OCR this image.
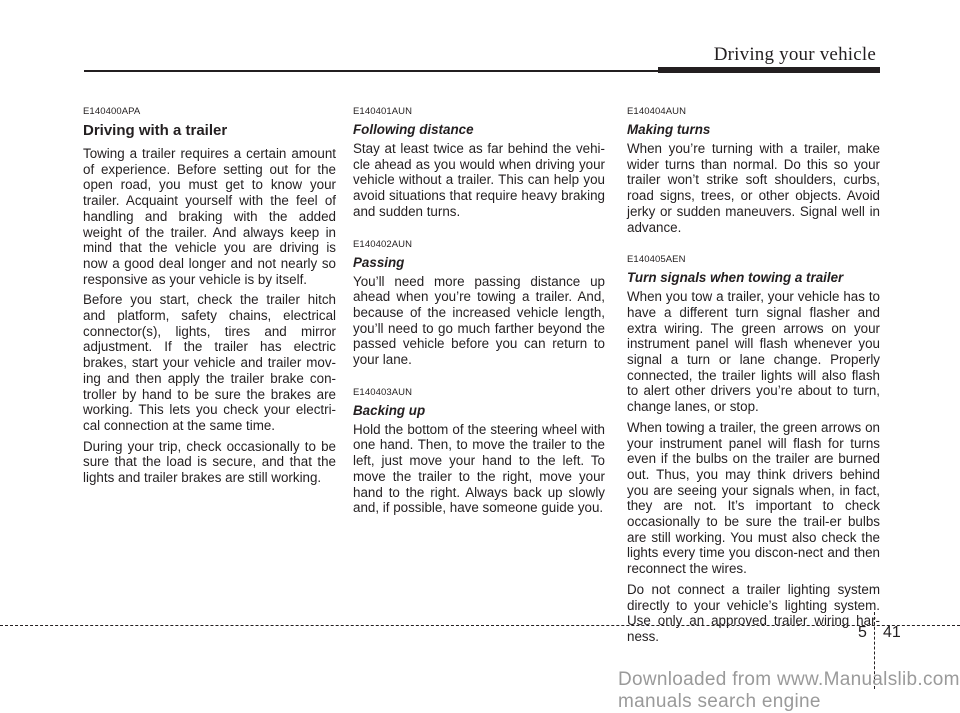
Driving your vehicle
E140400APA
Driving with a trailer

Towing a trailer requires a certain amount of experience. Before setting out for the open road, you must get to know your trailer. Acquaint yourself with the feel of handling and braking with the added weight of the trailer. And always keep in mind that the vehicle you are driving is now a good deal longer and not nearly so responsive as your vehicle is by itself.

Before you start, check the trailer hitch and platform, safety chains, electrical connector(s), lights, tires and mirror adjustment. If the trailer has electric brakes, start your vehicle and trailer mov-ing and then apply the trailer brake con-troller by hand to be sure the brakes are working. This lets you check your electri-cal connection at the same time.

During your trip, check occasionally to be sure that the load is secure, and that the lights and trailer brakes are still working.

E140401AUN
Following distance

Stay at least twice as far behind the vehi-cle ahead as you would when driving your vehicle without a trailer. This can help you avoid situations that require heavy braking and sudden turns.

E140402AUN
Passing

You’ll need more passing distance up ahead when you’re towing a trailer. And, because of the increased vehicle length, you’ll need to go much farther beyond the passed vehicle before you can return to your lane.

E140403AUN
Backing up

Hold the bottom of the steering wheel with one hand. Then, to move the trailer to the left, just move your hand to the left. To move the trailer to the right, move your hand to the right. Always back up slowly and, if possible, have someone guide you.

E140404AUN
Making turns

When you’re turning with a trailer, make wider turns than normal. Do this so your trailer won’t strike soft shoulders, curbs, road signs, trees, or other objects. Avoid jerky or sudden maneuvers. Signal well in advance.

E140405AEN
Turn signals when towing a trailer

When you tow a trailer, your vehicle has to have a different turn signal flasher and extra wiring. The green arrows on your instrument panel will flash whenever you signal a turn or lane change. Properly connected, the trailer lights will also flash to alert other drivers you’re about to turn, change lanes, or stop.

When towing a trailer, the green arrows on your instrument panel will flash for turns even if the bulbs on the trailer are burned out. Thus, you may think drivers behind you are seeing your signals when, in fact, they are not. It’s important to check occasionally to be sure the trail-er bulbs are still working. You must also check the lights every time you discon-nect and then reconnect the wires.

Do not connect a trailer lighting system directly to your vehicle’s lighting system. Use only an approved trailer wiring har-ness.	5 41
Downloaded from www.Manualslib.com manuals search engine
